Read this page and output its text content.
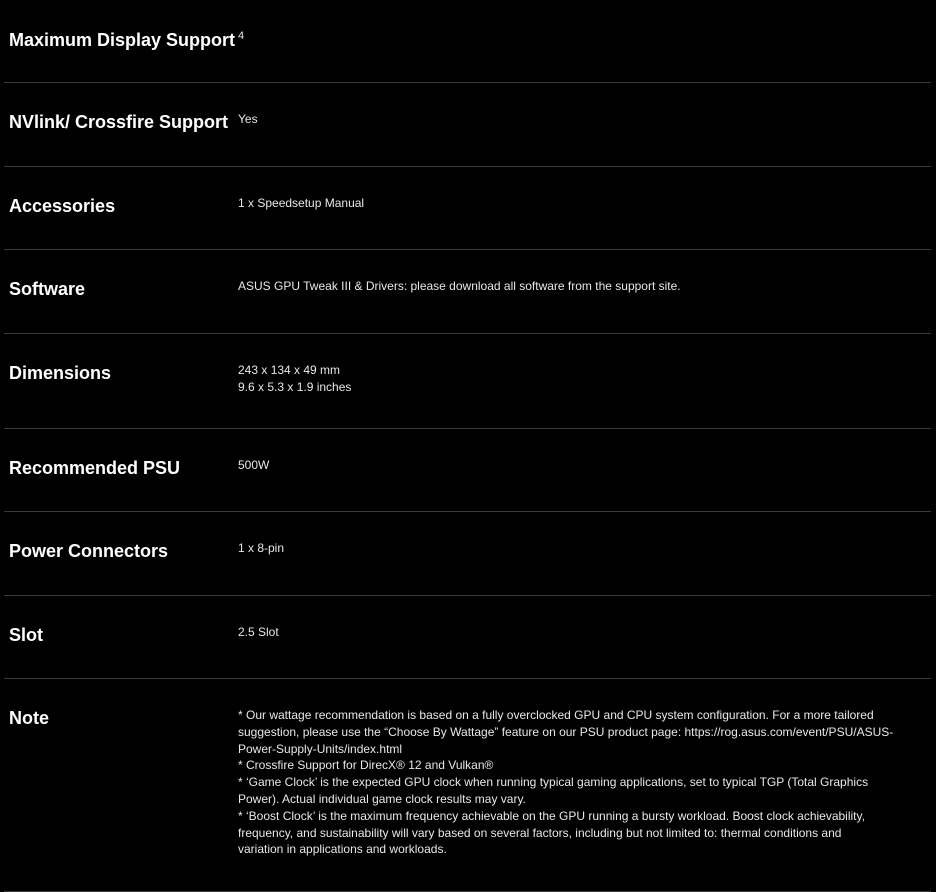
Maximum Display Support 4
NVlink/ Crossfire Support Yes
Accessories	1 x Speedsetup Manual
Software	ASUS GPU Tweak III & Drivers: please download all software from the support site.
Dimensions	243 x 134 x 49 mm
9.6 x 5.3 x 1.9 inches
Recommended PSU	500W
Power Connectors	1 x 8-pin
Slot	2.5 Slot
Note	* Our wattage recommendation is based on a fully overclocked GPU and CPU system configuration. For a more tailored
suggestion, please use the “Choose By Wattage” feature on our PSU product page: https://rog.asus.com/event/PSU/ASUS-
Power-Supply-Units/index.html
* Crossfire Support for DirecX® 12 and Vulkan®
* ‘Game Clock’ is the expected GPU clock when running typical gaming applications, set to typical TGP (Total Graphics
Power). Actual individual game clock results may vary.
* ‘Boost Clock’ is the maximum frequency achievable on the GPU running a bursty workload. Boost clock achievability,
frequency, and sustainability will vary based on several factors, including but not limited to: thermal conditions and
variation in applications and workloads.
